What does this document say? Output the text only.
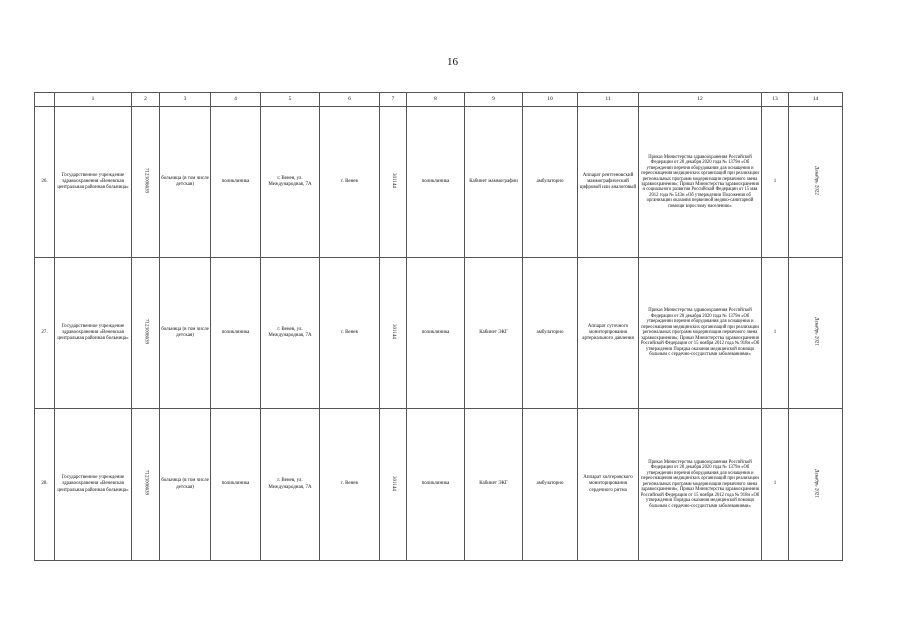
16
	1	2	3	4	5	6	7	8	9	10	11	12	13	14
26.	Государственное учреждение здравоохранения «Веневская центральная районная больница»	7123006639	больница (в том числе детская)	поликлиника	г. Венев, ул. Международная, 7А	г. Венев	301144	поликлиника	Кабинет маммографии	амбулаторно	Аппарат рентгеновский маммографический цифровой или аналоговый	Приказ Министерства здравоохранения Российской Федерации от 28 декабря 2020 года № 1379н «Об утверждении перечня оборудования для оснащения и переоснащения медицинских организаций при реализации региональных программ модернизации первичного звена здравоохранения»; Приказ Министерства здравоохранения и социального развития Российской Федерации от 15 мая 2012 года № 543н «Об утверждении Положения об организации оказания первичной медико-санитарной помощи взрослому населению»	1	Декабрь 2022
27.	Государственное учреждение здравоохранения «Веневская центральная районная больница»	7123006639	больница (в том числе детская)	поликлиника	г. Венев, ул. Международная, 7А	г. Венев	301144	поликлиника	Кабинет ЭКГ	амбулаторно	Аппарат суточного мониторирования артериального давления	Приказ Министерства здравоохранения Российской Федерации от 28 декабря 2020 года № 1379н «Об утверждении перечня оборудования для оснащения и переоснащения медицинских организаций при реализации региональных программ модернизации первичного звена здравоохранения»; Приказ Министерства здравоохранения Российской Федерации от 15 ноября 2012 года № 918н «Об утверждении Порядка оказания медицинской помощи больным с сердечно-сосудистыми заболеваниями»	1	Декабрь 2021
28.	Государственное учреждение здравоохранения «Веневская центральная районная больница»	7123006639	больница (в том числе детская)	поликлиника	г. Венев, ул. Международная, 7А	г. Венев	301144	поликлиника	Кабинет ЭКГ	амбулаторно	Аппарат холтеровского мониторирования сердечного ритма	Приказ Министерства здравоохранения Российской Федерации от 28 декабря 2020 года № 1379н «Об утверждении перечня оборудования для оснащения и переоснащения медицинских организаций при реализации региональных программ модернизации первичного звена здравоохранения»; Приказ Министерства здравоохранения Российской Федерации от 15 ноября 2012 года № 918н «Об утверждении Порядка оказания медицинской помощи больным с сердечно-сосудистыми заболеваниями»	1	Декабрь 2021
